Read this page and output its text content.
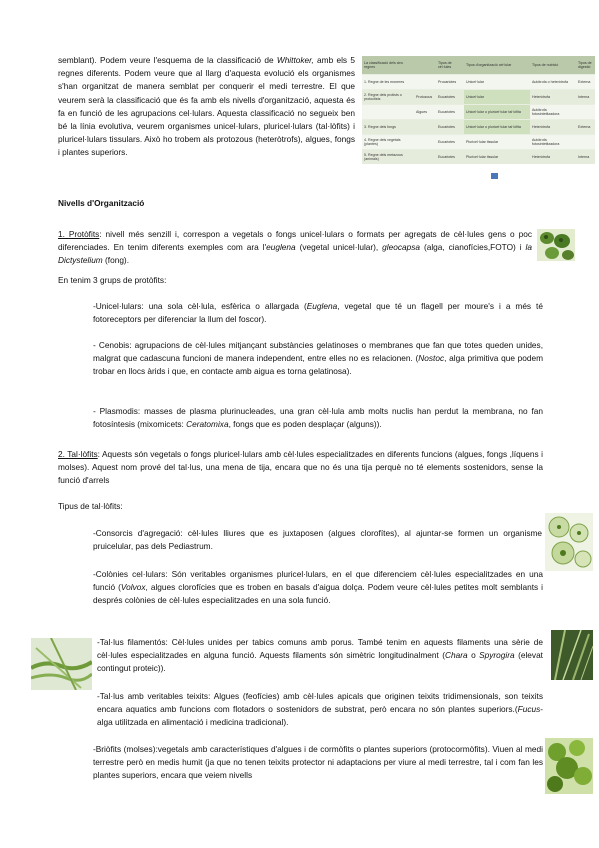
semblant). Podem veure l'esquema de la classificació de Whittoker, amb els 5 regnes diferents. Podem veure que al llarg d'aquesta evolució els organismes s'han organitzat de manera semblat per conquerir el medi terrestre. El que veurem serà la classificació que és fa amb els nivells d'organització, aquesta és fa en funció de les agrupacions cel·lulars. Aquesta classificació no segueix ben bé la línia evolutiva, veurem organismes unicel·lulars, pluricel·lulars (tal·lòfits) i pluricel·lulars tissulars. Això ho trobem als protozous (heteròtrofs), algues, fongs i plantes superiors.

La classificació dels cinc regnes		Tipus de cèl·lules	Tipus d'organització cel·lular	Tipus de nutrició	Tipus de digestió
1. Regne de les moneres		Procariotes	Unicel·lular	Autòtrofa o heteròtrofa	Externa
2. Regne dels protists o protoctists	Protozous	Eucariotes	Unicel·lular	Heteròtrofa	Interna
	Algues	Eucariotes	Unicel·lular o pluricel·lular tal·lòfita	Autòtrofa fotosintetitzadora	
3. Regne dels fongs		Eucariotes	Unicel·lular o pluricel·lular tal·lòfita	Heteròtrofa	Externa
4. Regne dels vegetals (plantes)		Eucariotes	Pluricel·lular tissular	Autòtrofa fotosintetitzadora	
5. Regne dels metazous (animals)		Eucariotes	Pluricel·lular tissular	Heteròtrofa	Interna

Nivells d'Organització

1. Protòfits: nivell més senzill i, correspon a vegetals o fongs unicel·lulars o formats per agregats de cèl·lules gens o poc diferenciades. En tenim diferents exemples com ara l'euglena (vegetal unicel·lular), gleocapsa (alga, cianofícies,FOTO) i la Dictystelium (fong).

En tenim 3 grups de protòfits:

-Unicel·lulars: una sola cèl·lula, esfèrica o allargada (Euglena, vegetal que té un flagell per moure's i a més té fotoreceptors per diferenciar la llum del foscor).

- Cenobis: agrupacions de cèl·lules mitjançant substàncies gelatinoses o membranes que fan que totes queden unides, malgrat que cadascuna funcioni de manera independent, entre elles no es relacionen. (Nostoc, alga primitiva que podem trobar en llocs àrids i que, en contacte amb aigua es torna gelatinosa).

- Plasmodis: masses de plasma plurinucleades, una gran cèl·lula amb molts nuclis han perdut la membrana, no fan fotosíntesis (mixomicets: Ceratomixa, fongs que es poden desplaçar (alguns)).

2. Tal·lòfits: Aquests són vegetals o fongs pluricel·lulars amb cèl·lules especialitzades en diferents funcions (algues, fongs ,líquens i molses). Aquest nom prové del tal·lus, una mena de tija, encara que no és una tija perquè no té elements sostenidors, sense la funció d'arrels

Tipus de tal·lòfits:

-Consorcis d'agregació: cèl·lules lliures que es juxtaposen (algues clorofítes), al ajuntar-se formen un organisme pruicelular, pas dels Pediastrum.

-Colònies cel·lulars: Són veritables organismes pluricel·lulars, en el que diferenciem cèl·lules especialitzades en una funció (Volvox, algues clorofícies que es troben en basals d'aigua dolça. Podem veure cèl·lules petites molt semblants i després colònies de cèl·lules especialitzades en una sola funció.

-Tal·lus filamentós: Cèl·lules unides per tabics comuns amb porus. També tenim en aquests filaments una sèrie de cèl·lules especialitzades en alguna funció. Aquests filaments són simètric longitudinalment (Chara o Spyrogira (elevat contingut proteic)).

-Tal·lus amb veritables teixits: Algues (feofícies) amb cèl·lules apicals que originen teixits tridimensionals, son teixits encara aquatics amb funcions com flotadors o sostenidors de substrat, però encara no són plantes superiors.(Fucus- alga utilitzada en alimentació i medicina tradicional).

-Briòfits (molses):vegetals amb característiques d'algues i de cormòfits o plantes superiors (protocormòfits). Viuen al medi terrestre però en medis humit (ja que no tenen teixits protector ni adaptacions per viure al medi terrestre, tal i com fan les plantes superiors, encara que veiem nivells
